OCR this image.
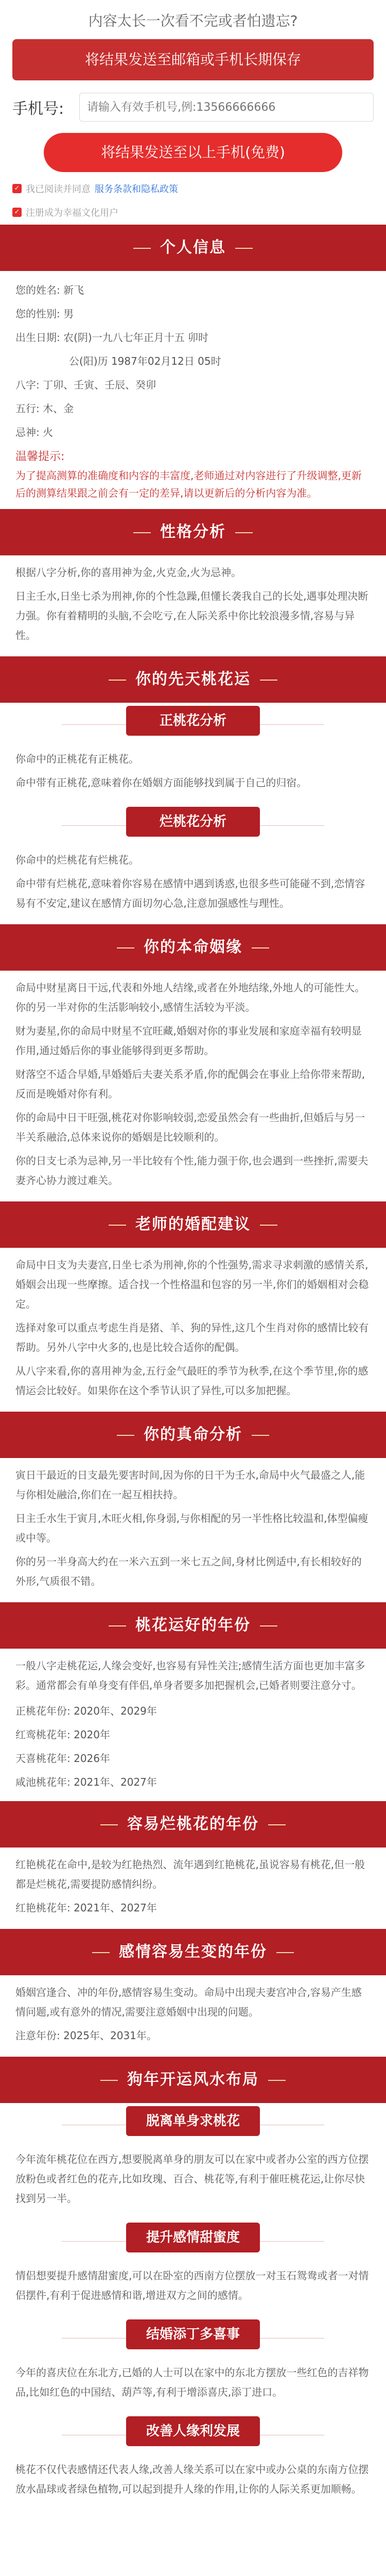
内容太长一次看不完或者怕遗忘?
将结果发送至邮箱或手机长期保存
手机号:
请输入有效手机号,例:13566666666
将结果发送至以上手机(免费)
✓ 我已阅读并同意 服务条款和隐私政策
✓ 注册成为幸福文化用户
个人信息
您的姓名: 新飞
您的性别: 男
出生日期: 农(阴)一九八七年正月十五 卯时
公(阳)历 1987年02月12日 05时
八字: 丁卯、壬寅、壬辰、癸卯
五行: 木、金
忌神: 火
温馨提示:
为了提高测算的准确度和内容的丰富度,老师通过对内容进行了升级调整,更新后的测算结果跟之前会有一定的差异,请以更新后的分析内容为准。
性格分析

根据八字分析,你的喜用神为金,火克金,火为忌神。

日主壬水,日坐七杀为刑神,你的个性急躁,但懂长袭我自己的长处,遇事处理决断力强。你有着精明的头脑,不会吃亏,在人际关系中你比较浪漫多情,容易与异性。

你的先天桃花运
正桃花分析

你命中的正桃花有正桃花。

命中带有正桃花,意味着你在婚姻方面能够找到属于自己的归宿。

烂桃花分析

你命中的烂桃花有烂桃花。

命中带有烂桃花,意味着你容易在感情中遇到诱惑,也很多些可能碰不到,恋情容易有不安定,建议在感情方面切勿心急,注意加强感性与理性。

你的本命姻缘

命局中财星离日干远,代表和外地人结缘,或者在外地结缘,外地人的可能性大。你的另一半对你的生活影响较小,感情生活较为平淡。

财为妻星,你的命局中财星不宜旺藏,婚姻对你的事业发展和家庭幸福有较明显作用,通过婚后你的事业能够得到更多帮助。

财落空不适合早婚,早婚婚后夫妻关系矛盾,你的配偶会在事业上给你带来帮助,反而是晚婚对你有利。

你的命局中日干旺强,桃花对你影响较弱,恋爱虽然会有一些曲折,但婚后与另一半关系融洽,总体来说你的婚姻是比较顺利的。

你的日支七杀为忌神,另一半比较有个性,能力强于你,也会遇到一些挫折,需要夫妻齐心协力渡过难关。

老师的婚配建议

命局中日支为夫妻宫,日坐七杀为刑神,你的个性强势,需求寻求刺激的感情关系,婚姻会出现一些摩擦。适合找一个性格温和包容的另一半,你们的婚姻相对会稳定。

选择对象可以重点考虑生肖是猪、羊、狗的异性,这几个生肖对你的感情比较有帮助。另外八字中火多的,也是比较合适你的配偶。

从八字来看,你的喜用神为金,五行金气最旺的季节为秋季,在这个季节里,你的感情运会比较好。如果你在这个季节认识了异性,可以多加把握。

你的真命分析

寅日干最近的日支最先要害时间,因为你的日干为壬水,命局中火气最盛之人,能与你相处融洽,你们在一起互相扶持。

日主壬水生于寅月,木旺火相,你身弱,与你相配的另一半性格比较温和,体型偏瘦或中等。

你的另一半身高大约在一米六五到一米七五之间,身材比例适中,有长相较好的外形,气质很不错。

桃花运好的年份

一般八字走桃花运,人缘会变好,也容易有异性关注;感情生活方面也更加丰富多彩。通常都会有单身变有伴侣,单身者要多加把握机会,已婚者则要注意分寸。

正桃花年份: 2020年、2029年
红鸾桃花年: 2020年
天喜桃花年: 2026年
咸池桃花年: 2021年、2027年
容易烂桃花的年份

红艳桃花在命中,是较为红艳热烈、流年遇到红艳桃花,虽说容易有桃花,但一般都是烂桃花,需要提防感情纠纷。

红艳桃花年: 2021年、2027年

感情容易生变的年份

婚姻宫逢合、冲的年份,感情容易生变动。命局中出现夫妻宫冲合,容易产生感情问题,或有意外的情况,需要注意婚姻中出现的问题。

注意年份: 2025年、2031年。

狗年开运风水布局
脱离单身求桃花

今年流年桃花位在西方,想要脱离单身的朋友可以在家中或者办公室的西方位摆放粉色或者红色的花卉,比如玫瑰、百合、桃花等,有利于催旺桃花运,让你尽快找到另一半。

提升感情甜蜜度

情侣想要提升感情甜蜜度,可以在卧室的西南方位摆放一对玉石鸳鸯或者一对情侣摆件,有利于促进感情和谐,增进双方之间的感情。

结婚添丁多喜事

今年的喜庆位在东北方,已婚的人士可以在家中的东北方摆放一些红色的吉祥物品,比如红色的中国结、葫芦等,有利于增添喜庆,添丁进口。

改善人缘利发展

桃花不仅代表感情还代表人缘,改善人缘关系可以在家中或办公桌的东南方位摆放水晶球或者绿色植物,可以起到提升人缘的作用,让你的人际关系更加顺畅。
